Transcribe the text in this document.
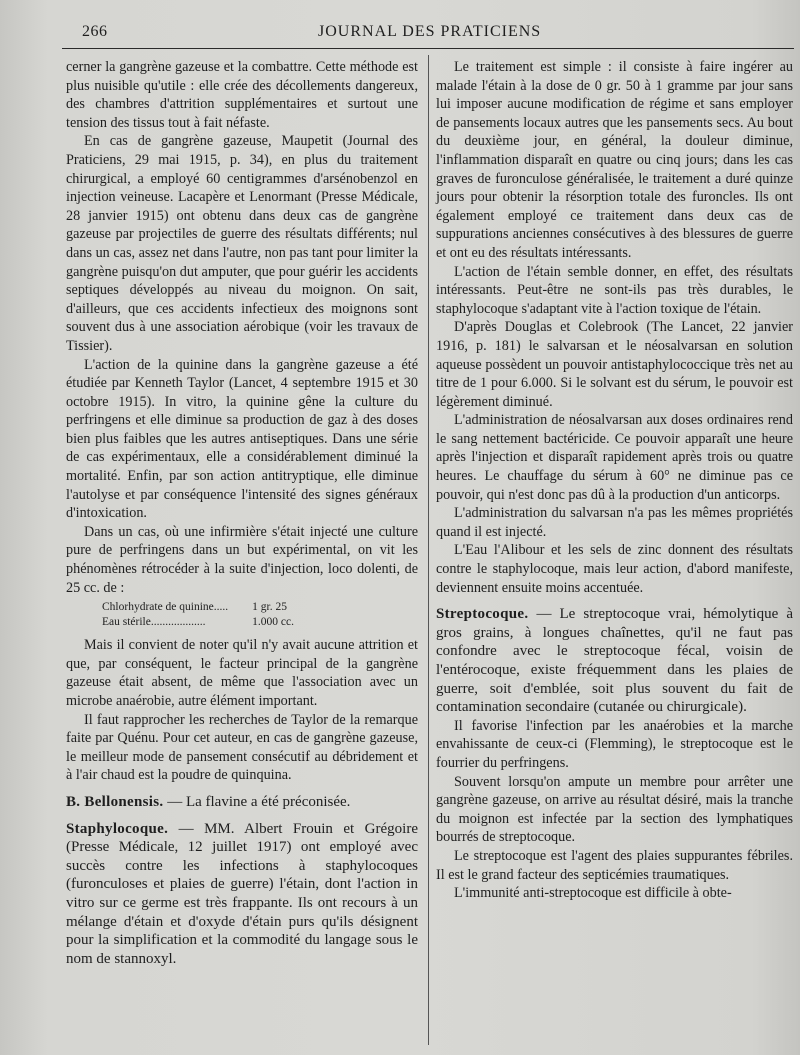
266	JOURNAL DES PRATICIENS

cerner la gangrène gazeuse et la combattre. Cette méthode est plus nuisible qu'utile : elle crée des décollements dangereux, des chambres d'attrition supplémentaires et surtout une tension des tissus tout à fait néfaste.

En cas de gangrène gazeuse, Maupetit (Journal des Praticiens, 29 mai 1915, p. 34), en plus du traitement chirurgical, a employé 60 centigrammes d'arsénobenzol en injection veineuse. Lacapère et Lenormant (Presse Médicale, 28 janvier 1915) ont obtenu dans deux cas de gangrène gazeuse par projectiles de guerre des résultats différents; nul dans un cas, assez net dans l'autre, non pas tant pour limiter la gangrène puisqu'on dut amputer, que pour guérir les accidents septiques développés au niveau du moignon. On sait, d'ailleurs, que ces accidents infectieux des moignons sont souvent dus à une association aérobique (voir les travaux de Tissier).

L'action de la quinine dans la gangrène gazeuse a été étudiée par Kenneth Taylor (Lancet, 4 septembre 1915 et 30 octobre 1915). In vitro, la quinine gêne la culture du perfringens et elle diminue sa production de gaz à des doses bien plus faibles que les autres antiseptiques. Dans une série de cas expérimentaux, elle a considérablement diminué la mortalité. Enfin, par son action antitryptique, elle diminue l'autolyse et par conséquence l'intensité des signes généraux d'intoxication.

Dans un cas, où une infirmière s'était injecté une culture pure de perfringens dans un but expérimental, on vit les phénomènes rétrocéder à la suite d'injection, loco dolenti, de 25 cc. de :

Chlorhydrate de quinine.....	1 gr. 25
Eau stérile...................	1.000 cc.

Mais il convient de noter qu'il n'y avait aucune attrition et que, par conséquent, le facteur principal de la gangrène gazeuse était absent, de même que l'association avec un microbe anaérobie, autre élément important.

Il faut rapprocher les recherches de Taylor de la remarque faite par Quénu. Pour cet auteur, en cas de gangrène gazeuse, le meilleur mode de pansement consécutif au débridement et à l'air chaud est la poudre de quinquina.

B. Bellonensis. — La flavine a été préconisée.

Staphylocoque. — MM. Albert Frouin et Grégoire (Presse Médicale, 12 juillet 1917) ont employé avec succès contre les infections à staphylocoques (furonculoses et plaies de guerre) l'étain, dont l'action in vitro sur ce germe est très frappante. Ils ont recours à un mélange d'étain et d'oxyde d'étain purs qu'ils désignent pour la simplification et la commodité du langage sous le nom de stannoxyl.

Le traitement est simple : il consiste à faire ingérer au malade l'étain à la dose de 0 gr. 50 à 1 gramme par jour sans lui imposer aucune modification de régime et sans employer de pansements locaux autres que les pansements secs. Au bout du deuxième jour, en général, la douleur diminue, l'inflammation disparaît en quatre ou cinq jours; dans les cas graves de furonculose généralisée, le traitement a duré quinze jours pour obtenir la résorption totale des furoncles. Ils ont également employé ce traitement dans deux cas de suppurations anciennes consécutives à des blessures de guerre et ont eu des résultats intéressants.

L'action de l'étain semble donner, en effet, des résultats intéressants. Peut-être ne sont-ils pas très durables, le staphylocoque s'adaptant vite à l'action toxique de l'étain.

D'après Douglas et Colebrook (The Lancet, 22 janvier 1916, p. 181) le salvarsan et le néosalvarsan en solution aqueuse possèdent un pouvoir antistaphylococcique très net au titre de 1 pour 6.000. Si le solvant est du sérum, le pouvoir est légèrement diminué.

L'administration de néosalvarsan aux doses ordinaires rend le sang nettement bactéricide. Ce pouvoir apparaît une heure après l'injection et disparaît rapidement après trois ou quatre heures. Le chauffage du sérum à 60° ne diminue pas ce pouvoir, qui n'est donc pas dû à la production d'un anticorps.

L'administration du salvarsan n'a pas les mêmes propriétés quand il est injecté.

L'Eau l'Alibour et les sels de zinc donnent des résultats contre le staphylocoque, mais leur action, d'abord manifeste, deviennent ensuite moins accentuée.

Streptocoque. — Le streptocoque vrai, hémolytique à gros grains, à longues chaînettes, qu'il ne faut pas confondre avec le streptocoque fécal, voisin de l'entérocoque, existe fréquemment dans les plaies de guerre, soit d'emblée, soit plus souvent du fait de contamination secondaire (cutanée ou chirurgicale).

Il favorise l'infection par les anaérobies et la marche envahissante de ceux-ci (Flemming), le streptocoque est le fourrier du perfringens.

Souvent lorsqu'on ampute un membre pour arrêter une gangrène gazeuse, on arrive au résultat désiré, mais la tranche du moignon est infectée par la section des lymphatiques bourrés de streptocoque.

Le streptocoque est l'agent des plaies suppurantes fébriles. Il est le grand facteur des septicémies traumatiques.

L'immunité anti-streptocoque est difficile à obte-
